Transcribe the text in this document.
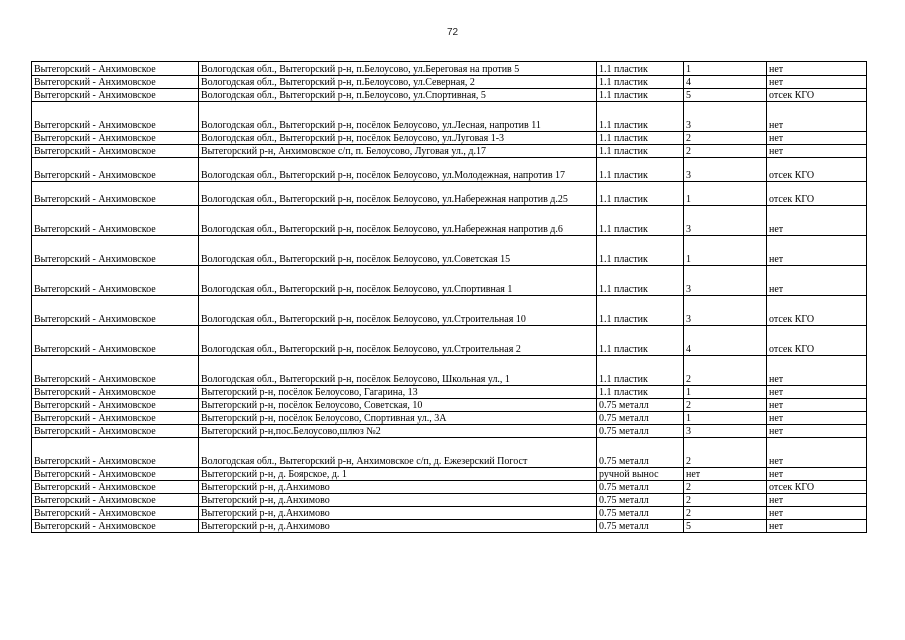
72
Вытегорский - Анхимовское	Вологодская обл., Вытегорский р-н, п.Белоусово, ул.Береговая на против 5	1.1 пластик	1	нет
Вытегорский - Анхимовское	Вологодская обл., Вытегорский р-н, п.Белоусово, ул.Северная, 2	1.1 пластик	4	нет
Вытегорский - Анхимовское	Вологодская обл., Вытегорский р-н, п.Белоусово, ул.Спортивная, 5	1.1 пластик	5	отсек КГО
Вытегорский - Анхимовское	Вологодская обл., Вытегорский р-н, посёлок Белоусово, ул.Лесная, напротив 11	1.1 пластик	3	нет
Вытегорский - Анхимовское	Вологодская обл., Вытегорский р-н, посёлок Белоусово, ул.Луговая 1-3	1.1 пластик	2	нет
Вытегорский - Анхимовское	Вытегорский р-н, Анхимовское с/п, п. Белоусово, Луговая ул., д.17	1.1 пластик	2	нет
Вытегорский - Анхимовское	Вологодская обл., Вытегорский р-н, посёлок Белоусово, ул.Молодежная, напротив 17	1.1 пластик	3	отсек КГО
Вытегорский - Анхимовское	Вологодская обл., Вытегорский р-н, посёлок Белоусово, ул.Набережная напротив д.25	1.1 пластик	1	отсек КГО
Вытегорский - Анхимовское	Вологодская обл., Вытегорский р-н, посёлок Белоусово, ул.Набережная напротив д.6	1.1 пластик	3	нет
Вытегорский - Анхимовское	Вологодская обл., Вытегорский р-н, посёлок Белоусово, ул.Советская 15	1.1 пластик	1	нет
Вытегорский - Анхимовское	Вологодская обл., Вытегорский р-н, посёлок Белоусово, ул.Спортивная 1	1.1 пластик	3	нет
Вытегорский - Анхимовское	Вологодская обл., Вытегорский р-н, посёлок Белоусово, ул.Строительная 10	1.1 пластик	3	отсек КГО
Вытегорский - Анхимовское	Вологодская обл., Вытегорский р-н, посёлок Белоусово, ул.Строительная 2	1.1 пластик	4	отсек КГО
Вытегорский - Анхимовское	Вологодская обл., Вытегорский р-н, посёлок Белоусово, Школьная ул., 1	1.1 пластик	2	нет
Вытегорский - Анхимовское	Вытегорский р-н, посёлок Белоусово, Гагарина, 13	1.1 пластик	1	нет
Вытегорский - Анхимовское	Вытегорский р-н, посёлок Белоусово, Советская, 10	0.75 металл	2	нет
Вытегорский - Анхимовское	Вытегорский р-н, посёлок Белоусово, Спортивная ул., 3А	0.75 металл	1	нет
Вытегорский - Анхимовское	Вытегорский р-н,пос.Белоусово,шлюз №2	0.75 металл	3	нет
Вытегорский - Анхимовское	Вологодская обл., Вытегорский р-н, Анхимовское с/п, д. Ежезерский Погост	0.75 металл	2	нет
Вытегорский - Анхимовское	Вытегорский р-н, д. Боярское, д. 1	ручной вынос	нет	нет
Вытегорский - Анхимовское	Вытегорский р-н, д.Анхимово	0.75 металл	2	отсек КГО
Вытегорский - Анхимовское	Вытегорский р-н, д.Анхимово	0.75 металл	2	нет
Вытегорский - Анхимовское	Вытегорский р-н, д.Анхимово	0.75 металл	2	нет
Вытегорский - Анхимовское	Вытегорский р-н, д.Анхимово	0.75 металл	5	нет
